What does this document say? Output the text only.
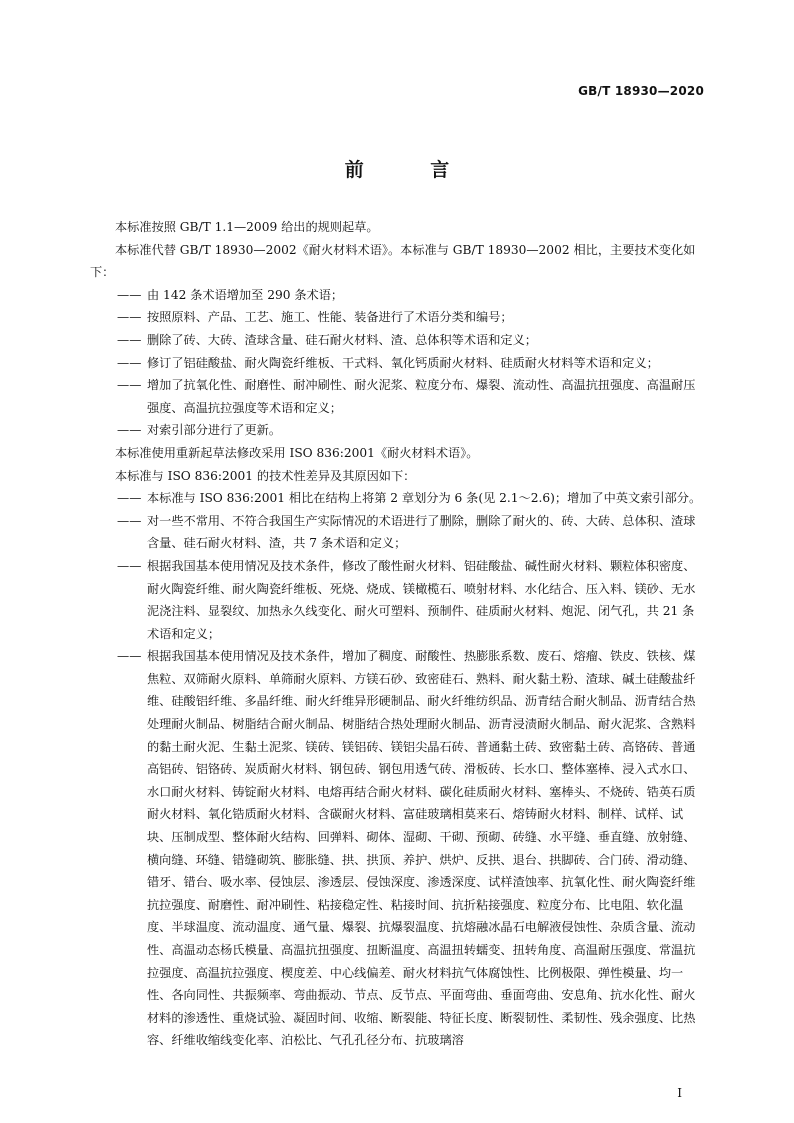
GB/T 18930—2020
前 言

本标准按照 GB/T 1.1—2009 给出的规则起草。

本标准代替 GB/T 18930—2002《耐火材料术语》。本标准与 GB/T 18930—2002 相比，主要技术变化如下：

—— 由 142 条术语增加至 290 条术语；

—— 按照原料、产品、工艺、施工、性能、装备进行了术语分类和编号；

—— 删除了砖、大砖、渣球含量、硅石耐火材料、渣、总体积等术语和定义；

—— 修订了铝硅酸盐、耐火陶瓷纤维板、干式料、氧化钙质耐火材料、硅质耐火材料等术语和定义；

—— 增加了抗氧化性、耐磨性、耐冲刷性、耐火泥浆、粒度分布、爆裂、流动性、高温抗扭强度、高温耐压强度、高温抗拉强度等术语和定义；

—— 对索引部分进行了更新。

本标准使用重新起草法修改采用 ISO 836:2001《耐火材料术语》。

本标准与 ISO 836:2001 的技术性差异及其原因如下：

—— 本标准与 ISO 836:2001 相比在结构上将第 2 章划分为 6 条(见 2.1～2.6)；增加了中英文索引部分。

—— 对一些不常用、不符合我国生产实际情况的术语进行了删除，删除了耐火的、砖、大砖、总体积、渣球含量、硅石耐火材料、渣，共 7 条术语和定义；

—— 根据我国基本使用情况及技术条件，修改了酸性耐火材料、铝硅酸盐、碱性耐火材料、颗粒体积密度、耐火陶瓷纤维、耐火陶瓷纤维板、死烧、烧成、镁橄榄石、喷射材料、水化结合、压入料、镁砂、无水泥浇注料、显裂纹、加热永久线变化、耐火可塑料、预制件、硅质耐火材料、炮泥、闭气孔，共 21 条术语和定义；

—— 根据我国基本使用情况及技术条件，增加了稠度、耐酸性、热膨胀系数、废石、熔瘤、铁皮、铁核、煤焦粒、双筛耐火原料、单筛耐火原料、方镁石砂、致密硅石、熟料、耐火黏土粉、渣球、碱土硅酸盐纤维、硅酸铝纤维、多晶纤维、耐火纤维异形硬制品、耐火纤维纺织品、沥青结合耐火制品、沥青结合热处理耐火制品、树脂结合耐火制品、树脂结合热处理耐火制品、沥青浸渍耐火制品、耐火泥浆、含熟料的黏土耐火泥、生黏土泥浆、镁砖、镁铝砖、镁铝尖晶石砖、普通黏土砖、致密黏土砖、高铬砖、普通高铝砖、铝铬砖、炭质耐火材料、钢包砖、钢包用透气砖、滑板砖、长水口、整体塞棒、浸入式水口、水口耐火材料、铸锭耐火材料、电熔再结合耐火材料、碳化硅质耐火材料、塞棒头、不烧砖、锆英石质耐火材料、氧化锆质耐火材料、含碳耐火材料、富硅玻璃相莫来石、熔铸耐火材料、制样、试样、试块、压制成型、整体耐火结构、回弹料、砌体、湿砌、干砌、预砌、砖缝、水平缝、垂直缝、放射缝、横向缝、环缝、错缝砌筑、膨胀缝、拱、拱顶、养护、烘炉、反拱、退台、拱脚砖、合门砖、滑动缝、错牙、错台、吸水率、侵蚀层、渗透层、侵蚀深度、渗透深度、试样渣蚀率、抗氧化性、耐火陶瓷纤维抗拉强度、耐磨性、耐冲刷性、粘接稳定性、粘接时间、抗折粘接强度、粒度分布、比电阻、软化温度、半球温度、流动温度、通气量、爆裂、抗爆裂温度、抗熔融冰晶石电解液侵蚀性、杂质含量、流动性、高温动态杨氏模量、高温抗扭强度、扭断温度、高温扭转蠕变、扭转角度、高温耐压强度、常温抗拉强度、高温抗拉强度、楔度差、中心线偏差、耐火材料抗气体腐蚀性、比例极限、弹性模量、均一性、各向同性、共振频率、弯曲振动、节点、反节点、平面弯曲、垂面弯曲、安息角、抗水化性、耐火材料的渗透性、重烧试验、凝固时间、收缩、断裂能、特征长度、断裂韧性、柔韧性、残余强度、比热容、纤维收缩线变化率、泊松比、气孔孔径分布、抗玻璃溶

I
